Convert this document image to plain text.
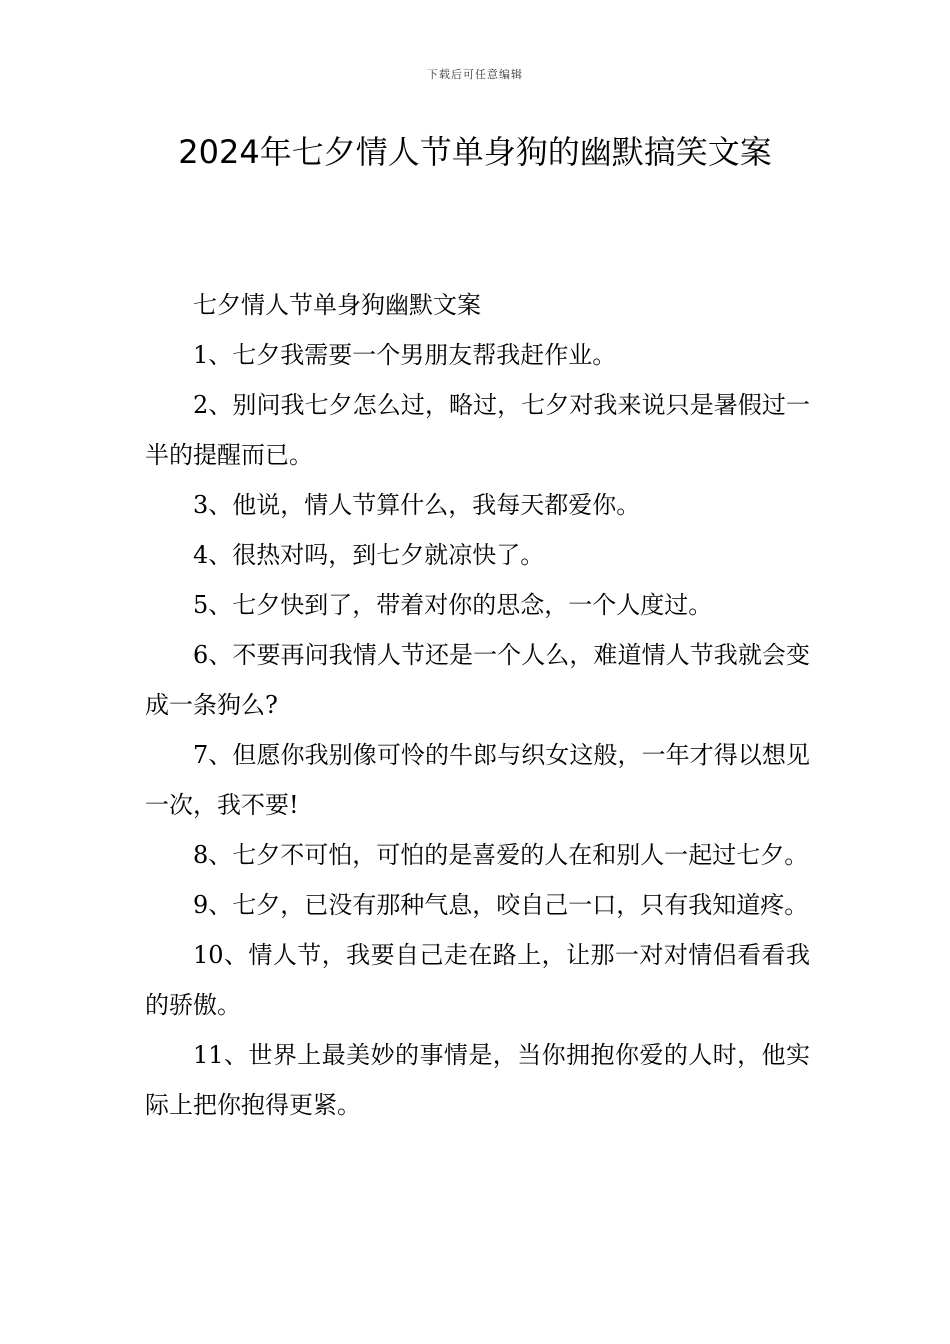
下载后可任意编辑
2024年七夕情人节单身狗的幽默搞笑文案

七夕情人节单身狗幽默文案

1、七夕我需要一个男朋友帮我赶作业。

2、别问我七夕怎么过，略过，七夕对我来说只是暑假过一半的提醒而已。

3、他说，情人节算什么，我每天都爱你。

4、很热对吗，到七夕就凉快了。

5、七夕快到了，带着对你的思念，一个人度过。

6、不要再问我情人节还是一个人么，难道情人节我就会变成一条狗么?

7、但愿你我别像可怜的牛郎与织女这般，一年才得以想见一次，我不要!

8、七夕不可怕，可怕的是喜爱的人在和别人一起过七夕。

9、七夕，已没有那种气息，咬自己一口，只有我知道疼。

10、情人节，我要自己走在路上，让那一对对情侣看看我的骄傲。

11、世界上最美妙的事情是，当你拥抱你爱的人时，他实际上把你抱得更紧。
